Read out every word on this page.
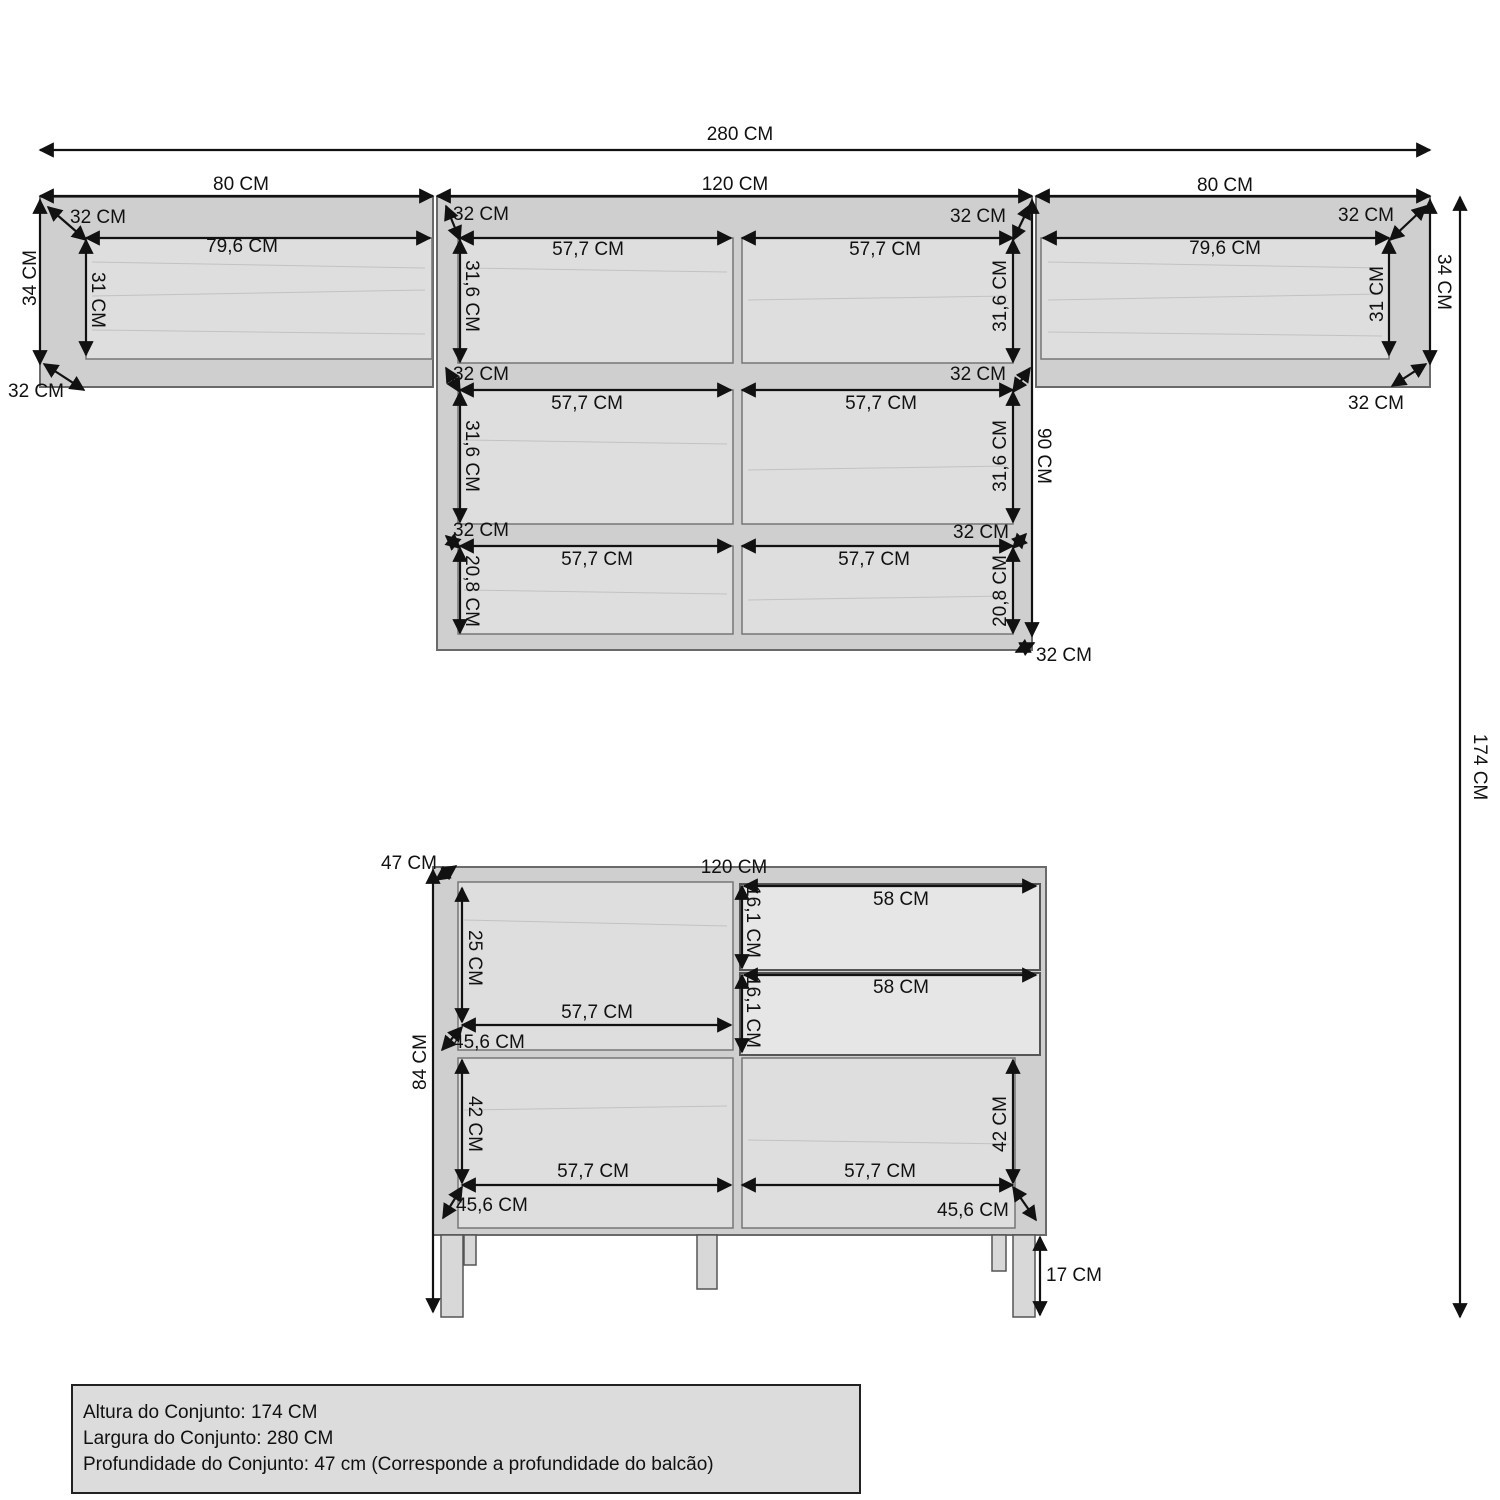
280 CM
174 CM
80 CM
34 CM
32 CM
79,6 CM
31 CM
32 CM
120 CM
90 CM
32 CM	32 CM
32 CM	32 CM
32 CM	32 CM
32 CM
57,7 CM	57,7 CM
31,6 CM	31,6 CM
57,7 CM	57,7 CM
31,6 CM	31,6 CM
57,7 CM	57,7 CM
20,8 CM	20,8 CM
80 CM
34 CM
32 CM
79,6 CM
31 CM
32 CM
47 CM	120 CM
84 CM
25 CM
57,7 CM
45,6 CM
16,1 CM	58 CM
16,1 CM	58 CM
42 CM
57,7 CM
45,6 CM
42 CM
57,7 CM
45,6 CM
17 CM
Altura do Conjunto: 174 CM
Largura do Conjunto: 280 CM
Profundidade do Conjunto: 47 cm (Corresponde a profundidade do balcão)
